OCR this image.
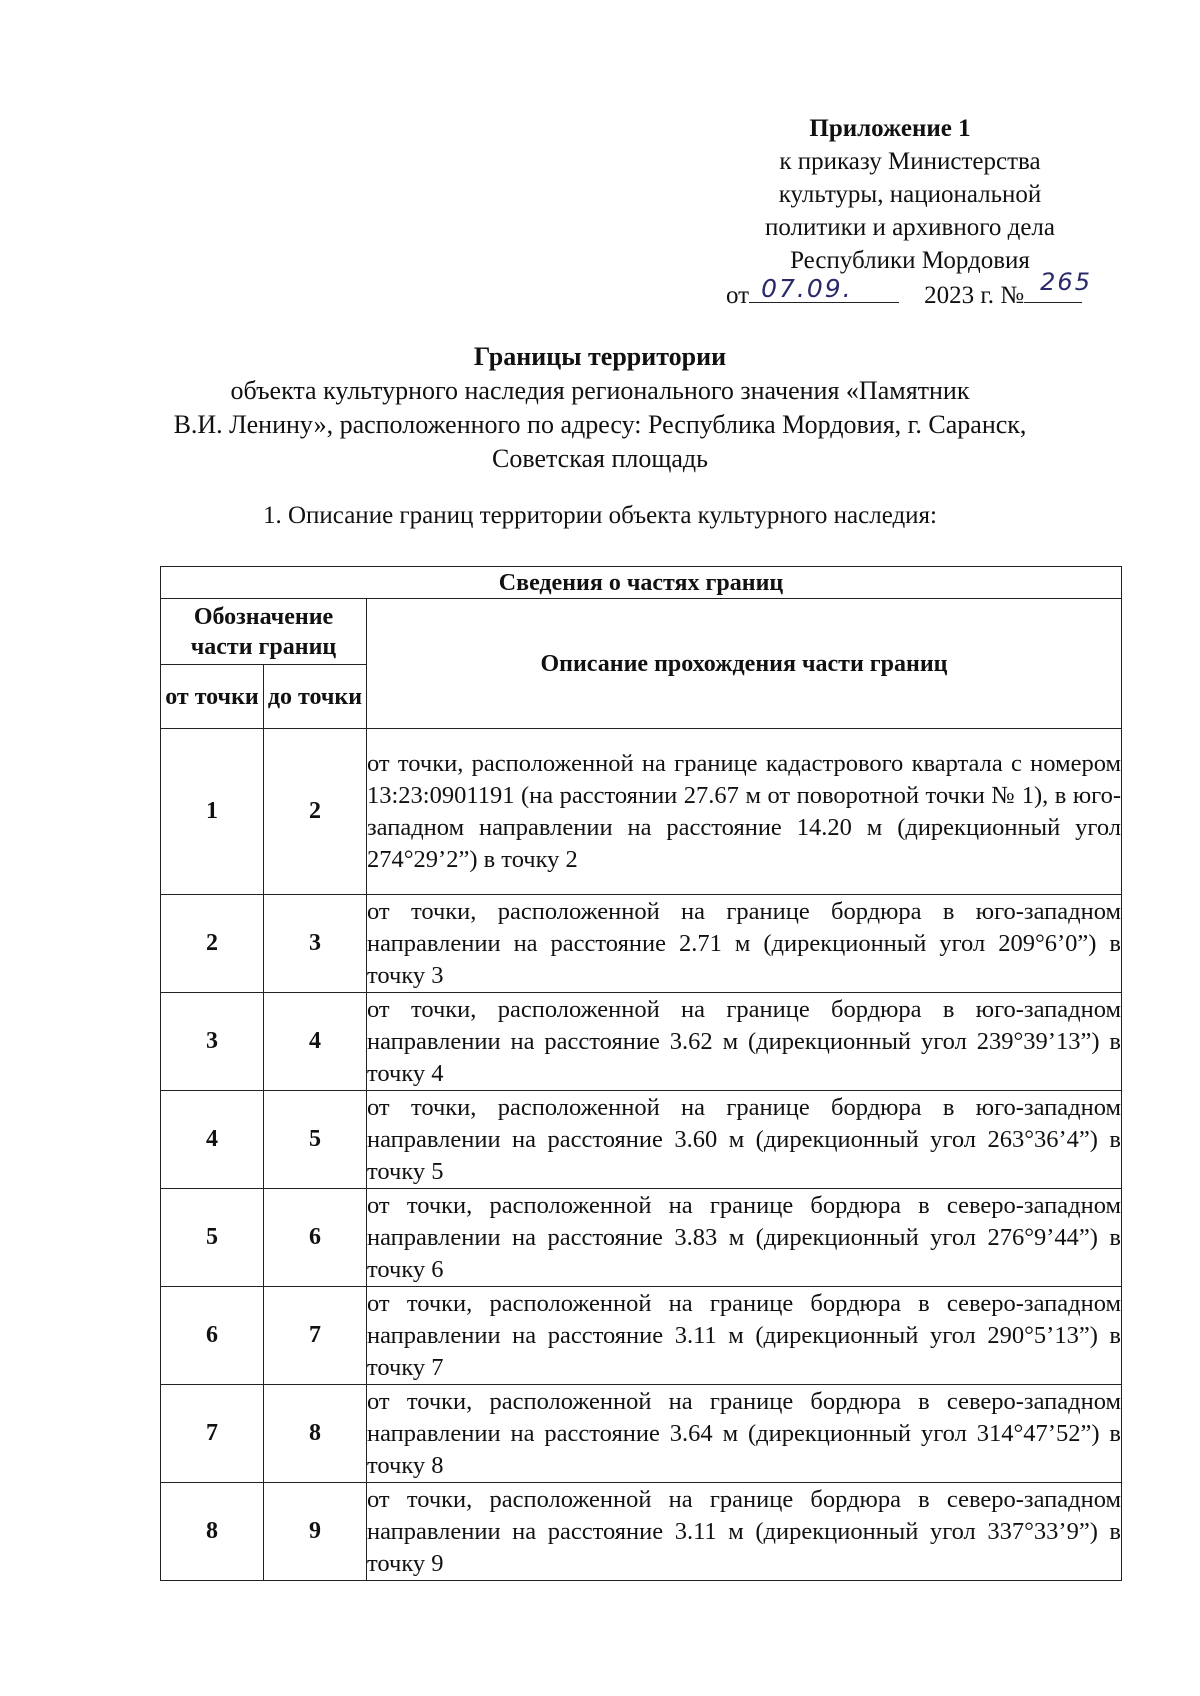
Приложение 1
к приказу Министерства
культуры, национальной
политики и архивного дела
Республики Мордовия
от 07.09.	2023 г. № 265
Границы территории
объекта культурного наследия регионального значения «Памятник
В.И. Ленину», расположенного по адресу: Республика Мордовия, г. Саранск,
Советская площадь
1. Описание границ территории объекта культурного наследия:
Сведения о частях границ		
Обозначение части границ		Описание прохождения части границ
от точки	до точки	
1	2	от точки, расположенной на границе кадастрового квартала с номером 13:23:0901191 (на расстоянии 27.67 м от поворотной точки № 1), в юго-западном направлении на расстояние 14.20 м (дирекционный угол 274°29’2”) в точку 2
2	3	от точки, расположенной на границе бордюра в юго-западном направлении на расстояние 2.71 м (дирекционный угол 209°6’0”) в точку 3
3	4	от точки, расположенной на границе бордюра в юго-западном направлении на расстояние 3.62 м (дирекционный угол 239°39’13”) в точку 4
4	5	от точки, расположенной на границе бордюра в юго-западном направлении на расстояние 3.60 м (дирекционный угол 263°36’4”) в точку 5
5	6	от точки, расположенной на границе бордюра в северо-западном направлении на расстояние 3.83 м (дирекционный угол 276°9’44”) в точку 6
6	7	от точки, расположенной на границе бордюра в северо-западном направлении на расстояние 3.11 м (дирекционный угол 290°5’13”) в точку 7
7	8	от точки, расположенной на границе бордюра в северо-западном направлении на расстояние 3.64 м (дирекционный угол 314°47’52”) в точку 8
8	9	от точки, расположенной на границе бордюра в северо-западном направлении на расстояние 3.11 м (дирекционный угол 337°33’9”) в точку 9
